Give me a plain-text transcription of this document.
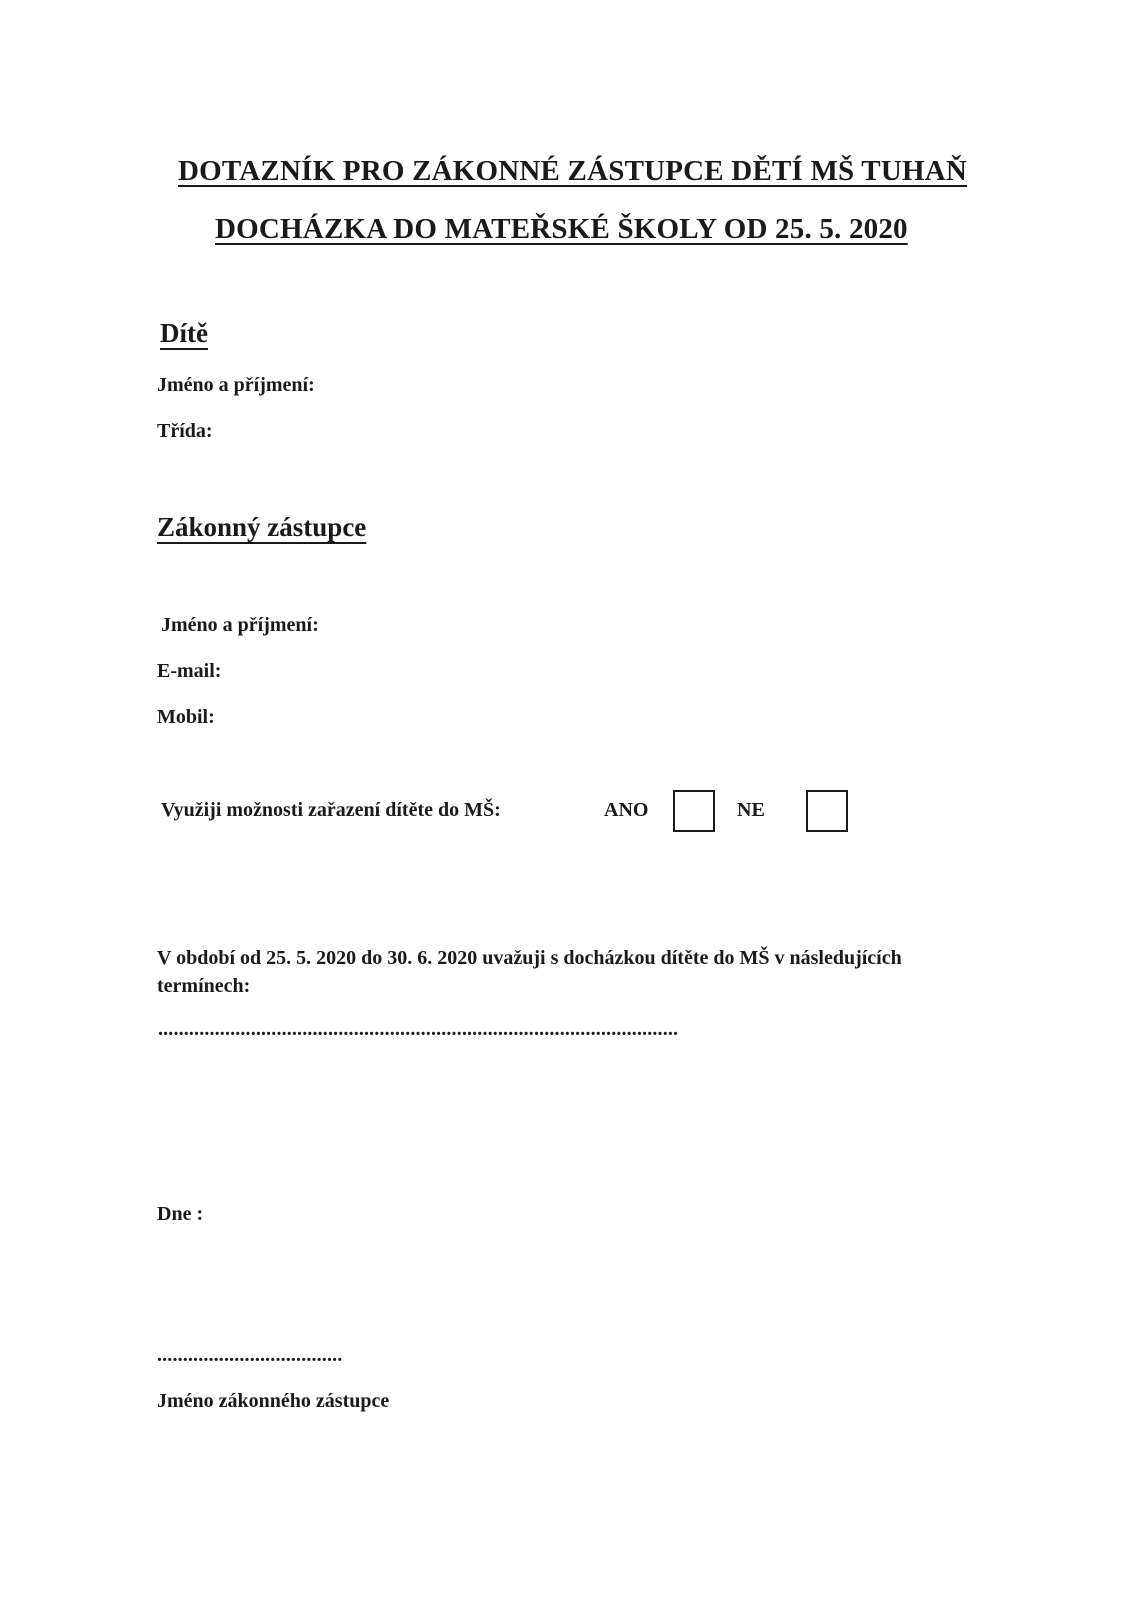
DOTAZNÍK PRO ZÁKONNÉ ZÁSTUPCE DĚTÍ MŠ TUHAŇ
DOCHÁZKA DO MATEŘSKÉ ŠKOLY OD 25. 5. 2020
Dítě
Jméno a příjmení:
Třída:
Zákonný zástupce
Jméno a příjmení:
E-mail:
Mobil:
Využiji možnosti zařazení dítěte do MŠ:	ANO	NE
V období od 25. 5. 2020 do 30. 6. 2020 uvažuji s docházkou dítěte do MŠ v následujících termínech:
.....................................................................................................
Dne :
....................................
Jméno zákonného zástupce
